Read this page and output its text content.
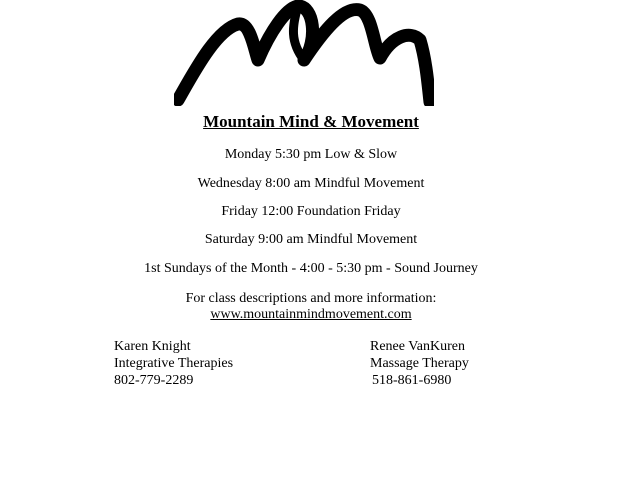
Mountain Mind & Movement
Monday 5:30 pm Low & Slow
Wednesday 8:00 am Mindful Movement
Friday 12:00 Foundation Friday
Saturday 9:00 am Mindful Movement
1st Sundays of the Month - 4:00 - 5:30 pm - Sound Journey
For class descriptions and more information:
www.mountainmindmovement.com
Karen Knight
Integrative Therapies
802-779-2289
Renee VanKuren
Massage Therapy
518-861-6980
